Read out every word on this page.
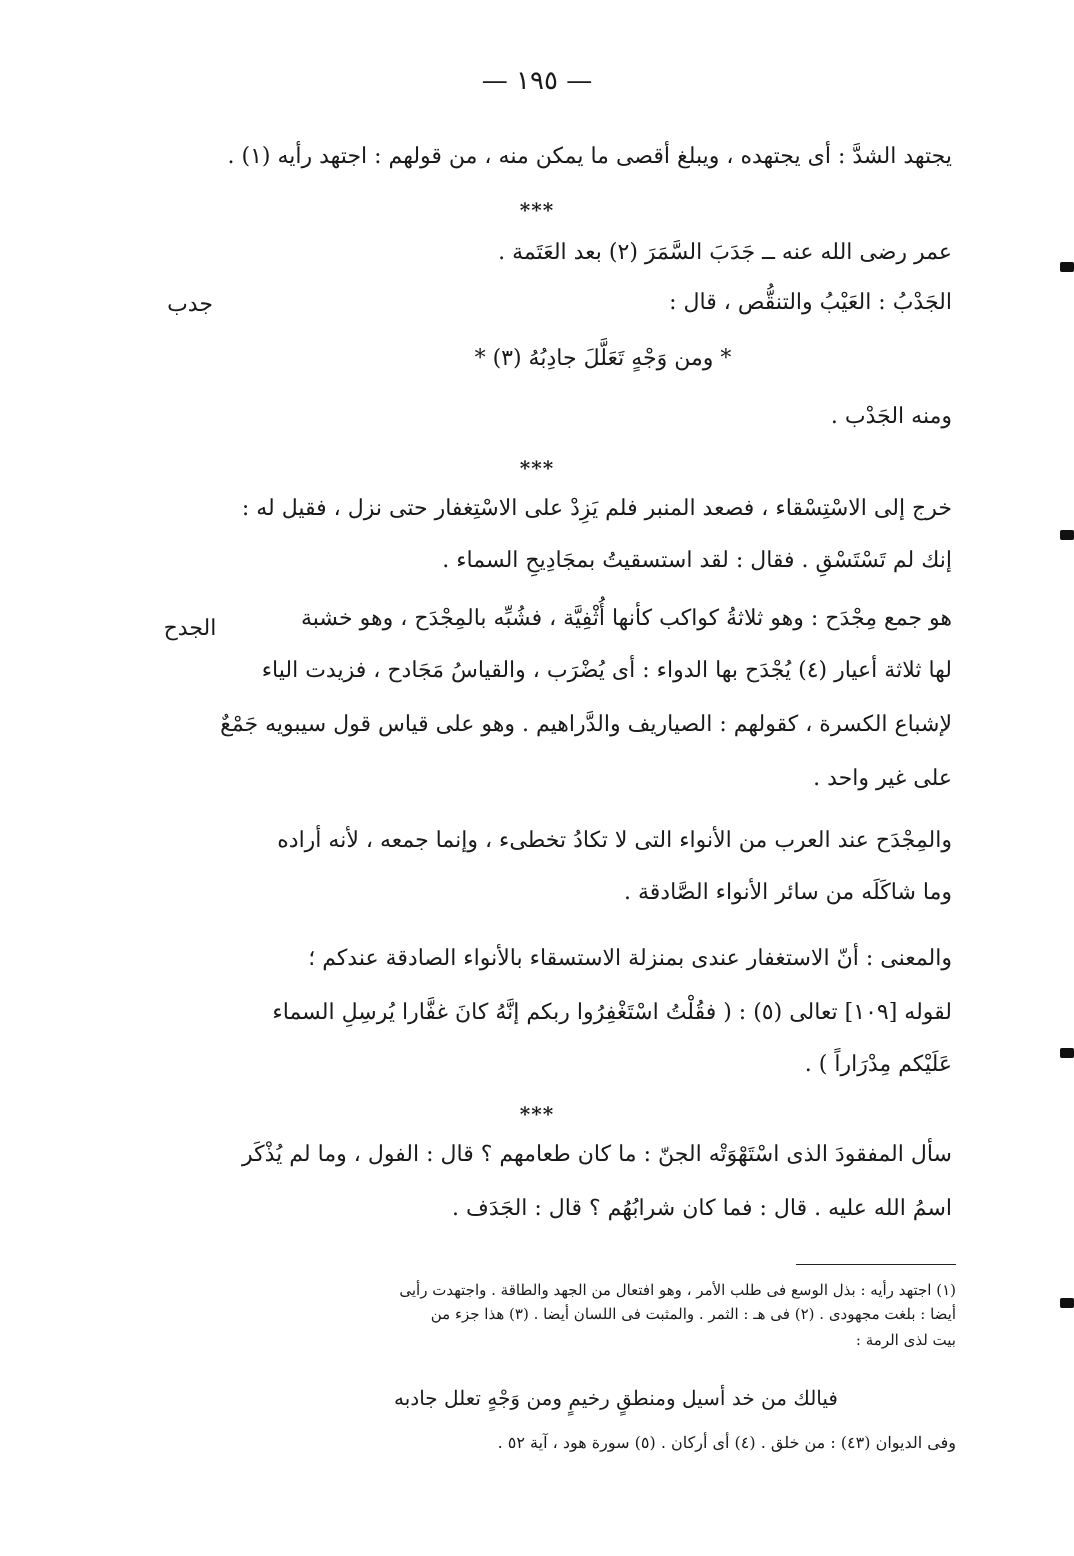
— ١٩٥ —
يجتهد الشدَّ : أى يجتهده ، ويبلغ أقصى ما يمكن منه ، من قولهم : اجتهد رأيه (١) .
***
عمر رضى الله عنه ــ جَدَبَ السَّمَرَ (٢) بعد العَتَمة .
جدب	الجَدْبُ : العَيْبُ والتنقُّص ، قال :
* ومن وَجْهٍ تَعَلَّلَ جادِبُهُ (٣) *
ومنه الجَدْب .
***
خرج إلى الاسْتِسْقاء ، فصعد المنبر فلم يَزِدْ على الاسْتِغفار حتى نزل ، فقيل له :
إنك لم تَسْتَسْقِ . فقال : لقد استسقيتُ بمجَادِيحِ السماء .
الجدح	هو جمع مِجْدَح : وهو ثلاثةُ كواكب كأنها أُثْفِيَّة ، فشُبِّه بالمِجْدَح ، وهو خشبة
لها ثلاثة أعيار (٤) يُجْدَح بها الدواء : أى يُضْرَب ، والقياسُ مَجَادح ، فزيدت الياء
لإشباع الكسرة ، كقولهم : الصياريف والدَّراهيم . وهو على قياس قول سيبويه جَمْعٌ
على غير واحد .
والمِجْدَح عند العرب من الأنواء التى لا تكادُ تخطىء ، وإنما جمعه ، لأنه أراده
وما شاكَلَه من سائر الأنواء الصَّادقة .
والمعنى : أنّ الاستغفار عندى بمنزلة الاستسقاء بالأنواء الصادقة عندكم ؛
لقوله [١٠٩] تعالى (٥) : ( فقُلْتُ اسْتَغْفِرُوا ربكم إنَّهُ كانَ غفَّارا يُرسِلِ السماء
عَلَيْكم مِدْرَاراً ) .
***
سأل المفقودَ الذى اسْتَهْوَتْه الجنّ : ما كان طعامهم ؟ قال : الفول ، وما لم يُذْكَر
اسمُ الله عليه . قال : فما كان شرابُهُم ؟ قال : الجَدَف .
(١) اجتهد رأيه : بذل الوسع فى طلب الأمر ، وهو افتعال من الجهد والطاقة . واجتهدت رأيى
أيضا : بلغت مجهودى . (٢) فى هـ : الثمر . والمثبت فى اللسان أيضا . (٣) هذا جزء من
بيت لذى الرمة :
فيالك من خد أسيل ومنطقٍ رخيمٍ ومن وَجْهٍ تعلل جادبه
وفى الديوان (٤٣) : من خلق . (٤) أى أركان . (٥) سورة هود ، آية ٥٢ .
